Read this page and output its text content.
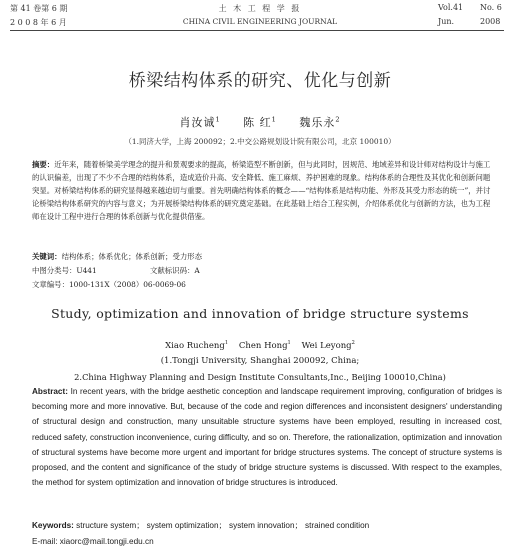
第 41 卷第 6 期
2 0 0 8 年 6 月
土 木 工 程 学 报
CHINA CIVIL ENGINEERING JOURNAL
Vol.41 No. 6
Jun.	2008
桥梁结构体系的研究、优化与创新
肖汝诚$^1$ 陈 红$^1$ 魏乐永$^2$
（1.同济大学，上海 200092；2.中交公路规划设计院有限公司，北京 100010）
摘要：近年来，随着桥梁美学理念的提升和景观要求的提高，桥梁造型不断创新，但与此同时，因规范、地域差异和设计师对结构设计与施工的认识偏差，出现了不少不合理的结构体系，造成造价升高、安全降低、施工麻烦、养护困难的现象。结构体系的合理性及其优化和创新问题突显。对桥梁结构体系的研究显得越来越迫切与重要。首先明确结构体系的概念——“结构体系是结构功能、外形及其受力形态的统一”，并讨论桥梁结构体系研究的内容与意义；为开展桥梁结构体系的研究奠定基础。在此基础上结合工程实例，介绍体系优化与创新的方法，也为工程师在设计工程中进行合理的体系创新与优化提供借鉴。
关键词：结构体系；体系优化；体系创新；受力形态
中图分类号：U441	文献标识码：A
文章编号：1000-131X（2008）06-0069-06
Study, optimization and innovation of bridge structure systems
Xiao Rucheng$^1$ Chen Hong$^1$ Wei Leyong$^2$
(1.Tongji University, Shanghai 200092, China;
2.China Highway Planning and Design Institute Consultants,Inc., Beijing 100010,China)
Abstract: In recent years, with the bridge aesthetic conception and landscape requirement improving, configuration of bridges is becoming more and more innovative. But, because of the code and region differences and inconsistent designers' understanding of structural design and construction, many unsuitable structure systems have been employed, resulting in increased cost, reduced safety, construction inconvenience, curing difficulty, and so on. Therefore, the rationalization, optimization and innovation of structural systems have become more urgent and important for bridge structures systems. The concept of structure systems is proposed, and the content and significance of the study of bridge structure systems is discussed. With respect to the examples, the method for system optimization and innovation of bridge structures is introduced.
Keywords: structure system； system optimization； system innovation； strained condition
E-mail: xiaorc@mail.tongji.edu.cn
